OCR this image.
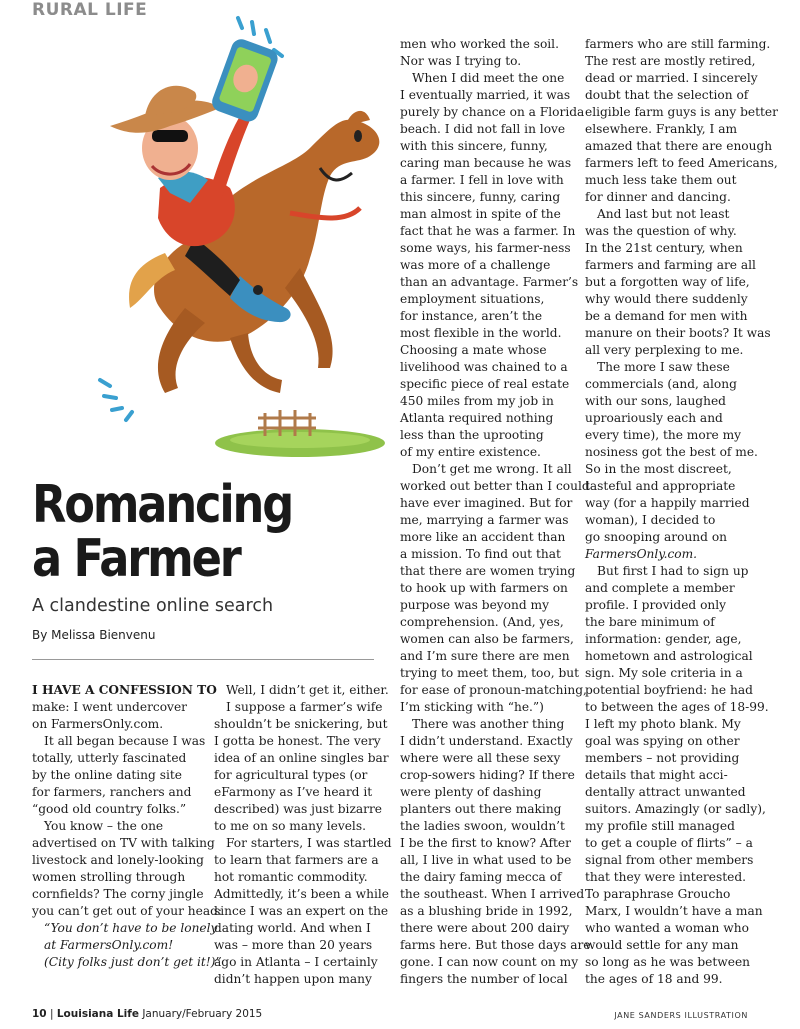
RURAL LIFE
Romancing
a Farmer
A clandestine online search
By Melissa Bienvenu
I HAVE A CONFESSION TO
make: I went undercover
on FarmersOnly.com.
It all began because I was
totally, utterly fascinated
by the online dating site
for farmers, ranchers and
“good old country folks.”
You know – the one
advertised on TV with talking
livestock and lonely-looking
women strolling through
cornfields? The corny jingle
you can’t get out of your head:
“You don’t have to be lonely
at FarmersOnly.com!
(City folks just don’t get it!)”
Well, I didn’t get it, either.
I suppose a farmer’s wife
shouldn’t be snickering, but
I gotta be honest. The very
idea of an online singles bar
for agricultural types (or
eFarmony as I’ve heard it
described) was just bizarre
to me on so many levels.
For starters, I was startled
to learn that farmers are a
hot romantic commodity.
Admittedly, it’s been a while
since I was an expert on the
dating world. And when I
was – more than 20 years
ago in Atlanta – I certainly
didn’t happen upon many
men who worked the soil.
Nor was I trying to.
When I did meet the one
I eventually married, it was
purely by chance on a Florida
beach. I did not fall in love
with this sincere, funny,
caring man because he was
a farmer. I fell in love with
this sincere, funny, caring
man almost in spite of the
fact that he was a farmer. In
some ways, his farmer-ness
was more of a challenge
than an advantage. Farmer’s
employment situations,
for instance, aren’t the
most flexible in the world.
Choosing a mate whose
livelihood was chained to a
specific piece of real estate
450 miles from my job in
Atlanta required nothing
less than the uprooting
of my entire existence.
Don’t get me wrong. It all
worked out better than I could
have ever imagined. But for
me, marrying a farmer was
more like an accident than
a mission. To find out that
that there are women trying
to hook up with farmers on
purpose was beyond my
comprehension. (And, yes,
women can also be farmers,
and I’m sure there are men
trying to meet them, too, but
for ease of pronoun-matching,
I’m sticking with “he.”)
There was another thing
I didn’t understand. Exactly
where were all these sexy
crop-sowers hiding? If there
were plenty of dashing
planters out there making
the ladies swoon, wouldn’t
I be the first to know? After
all, I live in what used to be
the dairy faming mecca of
the southeast. When I arrived
as a blushing bride in 1992,
there were about 200 dairy
farms here. But those days are
gone. I can now count on my
fingers the number of local
farmers who are still farming.
The rest are mostly retired,
dead or married. I sincerely
doubt that the selection of
eligible farm guys is any better
elsewhere. Frankly, I am
amazed that there are enough
farmers left to feed Americans,
much less take them out
for dinner and dancing.
And last but not least
was the question of why.
In the 21st century, when
farmers and farming are all
but a forgotten way of life,
why would there suddenly
be a demand for men with
manure on their boots? It was
all very perplexing to me.
The more I saw these
commercials (and, along
with our sons, laughed
uproariously each and
every time), the more my
nosiness got the best of me.
So in the most discreet,
tasteful and appropriate
way (for a happily married
woman), I decided to
go snooping around on
FarmersOnly.com.
But first I had to sign up
and complete a member
profile. I provided only
the bare minimum of
information: gender, age,
hometown and astrological
sign. My sole criteria in a
potential boyfriend: he had
to between the ages of 18-99.
I left my photo blank. My
goal was spying on other
members – not providing
details that might acci-
dentally attract unwanted
suitors. Amazingly (or sadly),
my profile still managed
to get a couple of flirts” – a
signal from other members
that they were interested.
To paraphrase Groucho
Marx, I wouldn’t have a man
who wanted a woman who
would settle for any man
so long as he was between
the ages of 18 and 99.
10 | Louisiana Life January/February 2015	JANE SANDERS ILLUSTRATION
